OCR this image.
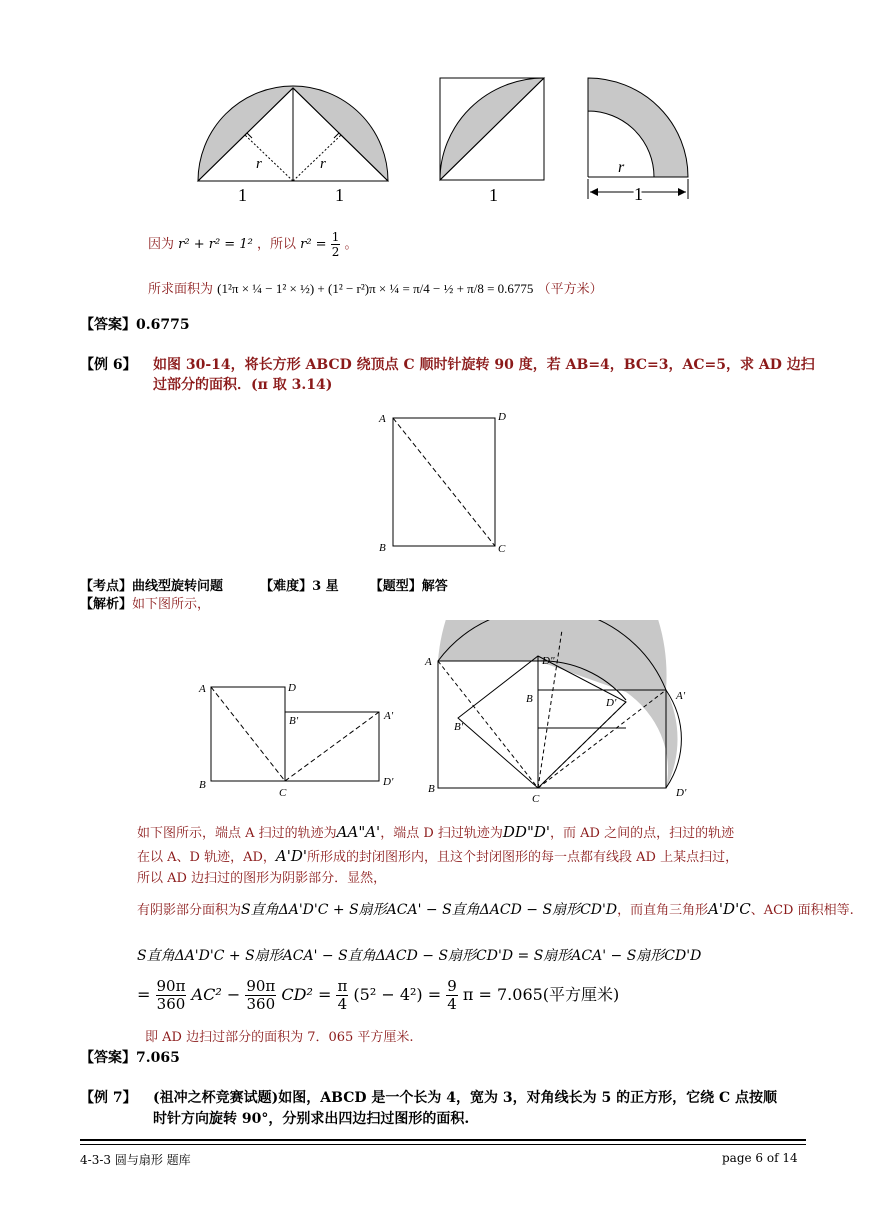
r	r
1	1	1
r
1
因为 r² + r² = 1² ，所以 $r^2 = \frac{1}{2}$ 。
所求面积为 (1²π × ¼ − 1² × ½) + (1² − r²)π × ¼ = π/4 − ½ + π/8 = 0.6775 （平方米）
【答案】0.6775
【例 6】 如图 30-14，将长方形 ABCD 绕顶点 C 顺时针旋转 90 度，若 AB=4，BC=3，AC=5，求 AD 边扫
过部分的面积．(π 取 3.14)
A	D
B	C
【考点】曲线型旋转问题	【难度】3 星 【题型】解答
【解析】如下图所示，
A	D
B'	A'
B
C
D'
A	D"
B	D'
A'
B'
B
C	D'
如下图所示，端点 A 扫过的轨迹为AA"A'，端点 D 扫过轨迹为DD"D'，而 AD 之间的点，扫过的轨迹
在以 A、D 轨迹，AD，A'D'所形成的封闭图形内，且这个封闭图形的每一点都有线段 AD 上某点扫过，
所以 AD 边扫过的图形为阴影部分．显然，
有阴影部分面积为S直角ΔA'D'C + S扇形ACA' − S直角ΔACD − S扇形CD'D，而直角三角形A'D'C、ACD 面积相等.
S直角ΔA'D'C + S扇形ACA' − S直角ΔACD − S扇形CD'D = S扇形ACA' − S扇形CD'D
= $\frac{90\pi}{360} AC^2 - \frac{90\pi}{360} CD^2 = \frac{\pi}{4} (5^2 - 4^2) = \frac{9}{4}$ π = 7.065(平方厘米)
即 AD 边扫过部分的面积为 7．065 平方厘米.
【答案】7.065
【例 7】 (祖冲之杯竞赛试题)如图，ABCD 是一个长为 4，宽为 3，对角线长为 5 的正方形，它绕 C 点按顺
时针方向旋转 90°，分别求出四边扫过图形的面积.
4-3-3 圆与扇形 题库	page 6 of 14
